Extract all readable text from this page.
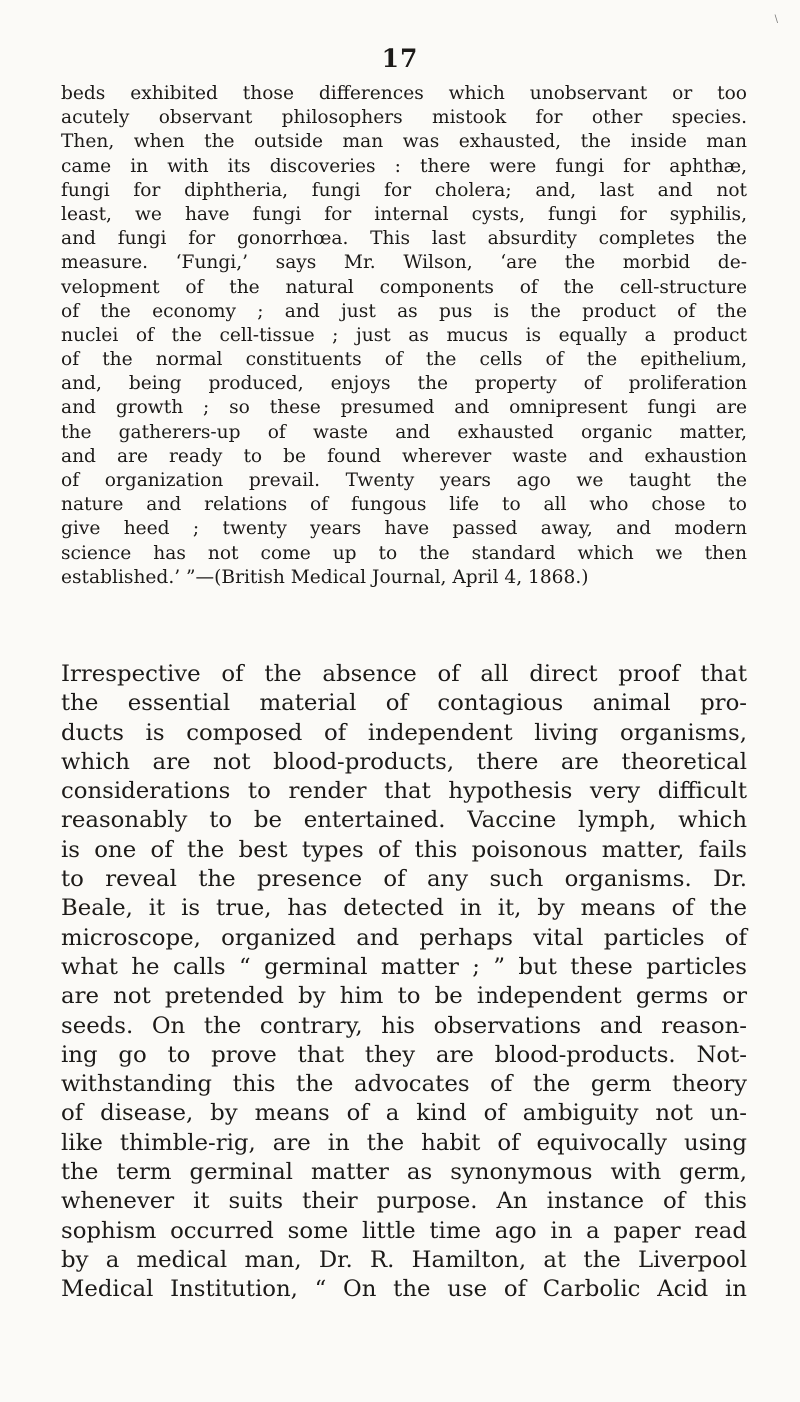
\
17
beds exhibited those differences which unobservant or too
acutely observant philosophers mistook for other species.
Then, when the outside man was exhausted, the inside man
came in with its discoveries : there were fungi for aphthæ,
fungi for diphtheria, fungi for cholera; and, last and not
least, we have fungi for internal cysts, fungi for syphilis,
and fungi for gonorrhœa. This last absurdity completes the
measure. ‘Fungi,’ says Mr. Wilson, ‘are the morbid de-
velopment of the natural components of the cell-structure
of the economy ; and just as pus is the product of the
nuclei of the cell-tissue ; just as mucus is equally a product
of the normal constituents of the cells of the epithelium,
and, being produced, enjoys the property of proliferation
and growth ; so these presumed and omnipresent fungi are
the gatherers-up of waste and exhausted organic matter,
and are ready to be found wherever waste and exhaustion
of organization prevail. Twenty years ago we taught the
nature and relations of fungous life to all who chose to
give heed ; twenty years have passed away, and modern
science has not come up to the standard which we then
established.’ ”—(British Medical Journal, April 4, 1868.)
Irrespective of the absence of all direct proof that
the essential material of contagious animal pro-
ducts is composed of independent living organisms,
which are not blood-products, there are theoretical
considerations to render that hypothesis very difficult
reasonably to be entertained. Vaccine lymph, which
is one of the best types of this poisonous matter, fails
to reveal the presence of any such organisms. Dr.
Beale, it is true, has detected in it, by means of the
microscope, organized and perhaps vital particles of
what he calls “ germinal matter ; ” but these particles
are not pretended by him to be independent germs or
seeds. On the contrary, his observations and reason-
ing go to prove that they are blood-products. Not-
withstanding this the advocates of the germ theory
of disease, by means of a kind of ambiguity not un-
like thimble-rig, are in the habit of equivocally using
the term germinal matter as synonymous with germ,
whenever it suits their purpose. An instance of this
sophism occurred some little time ago in a paper read
by a medical man, Dr. R. Hamilton, at the Liverpool
Medical Institution, “ On the use of Carbolic Acid in
